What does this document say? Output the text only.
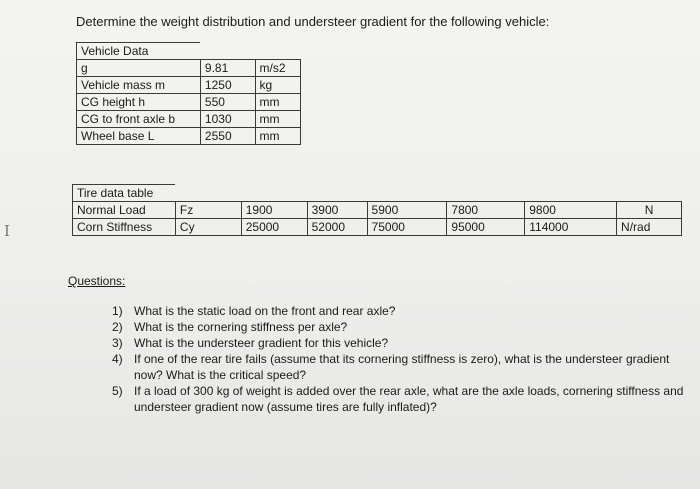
Determine the weight distribution and understeer gradient for the following vehicle:
I
Vehicle Data		
g	9.81	m/s2
Vehicle mass m	1250	kg
CG height h	550	mm
CG to front axle b	1030	mm
Wheel base L	2550	mm
Tire data table							
Normal Load	Fz	1900	3900	5900	7800	9800	N
Corn Stiffness	Cy	25000	52000	75000	95000	114000	N/rad
Questions:
1) What is the static load on the front and rear axle?
2) What is the cornering stiffness per axle?
3) What is the understeer gradient for this vehicle?
4) If one of the rear tire fails (assume that its cornering stiffness is zero), what is the understeer gradient now? What is the critical speed?
5) If a load of 300 kg of weight is added over the rear axle, what are the axle loads, cornering stiffness and understeer gradient now (assume tires are fully inflated)?
